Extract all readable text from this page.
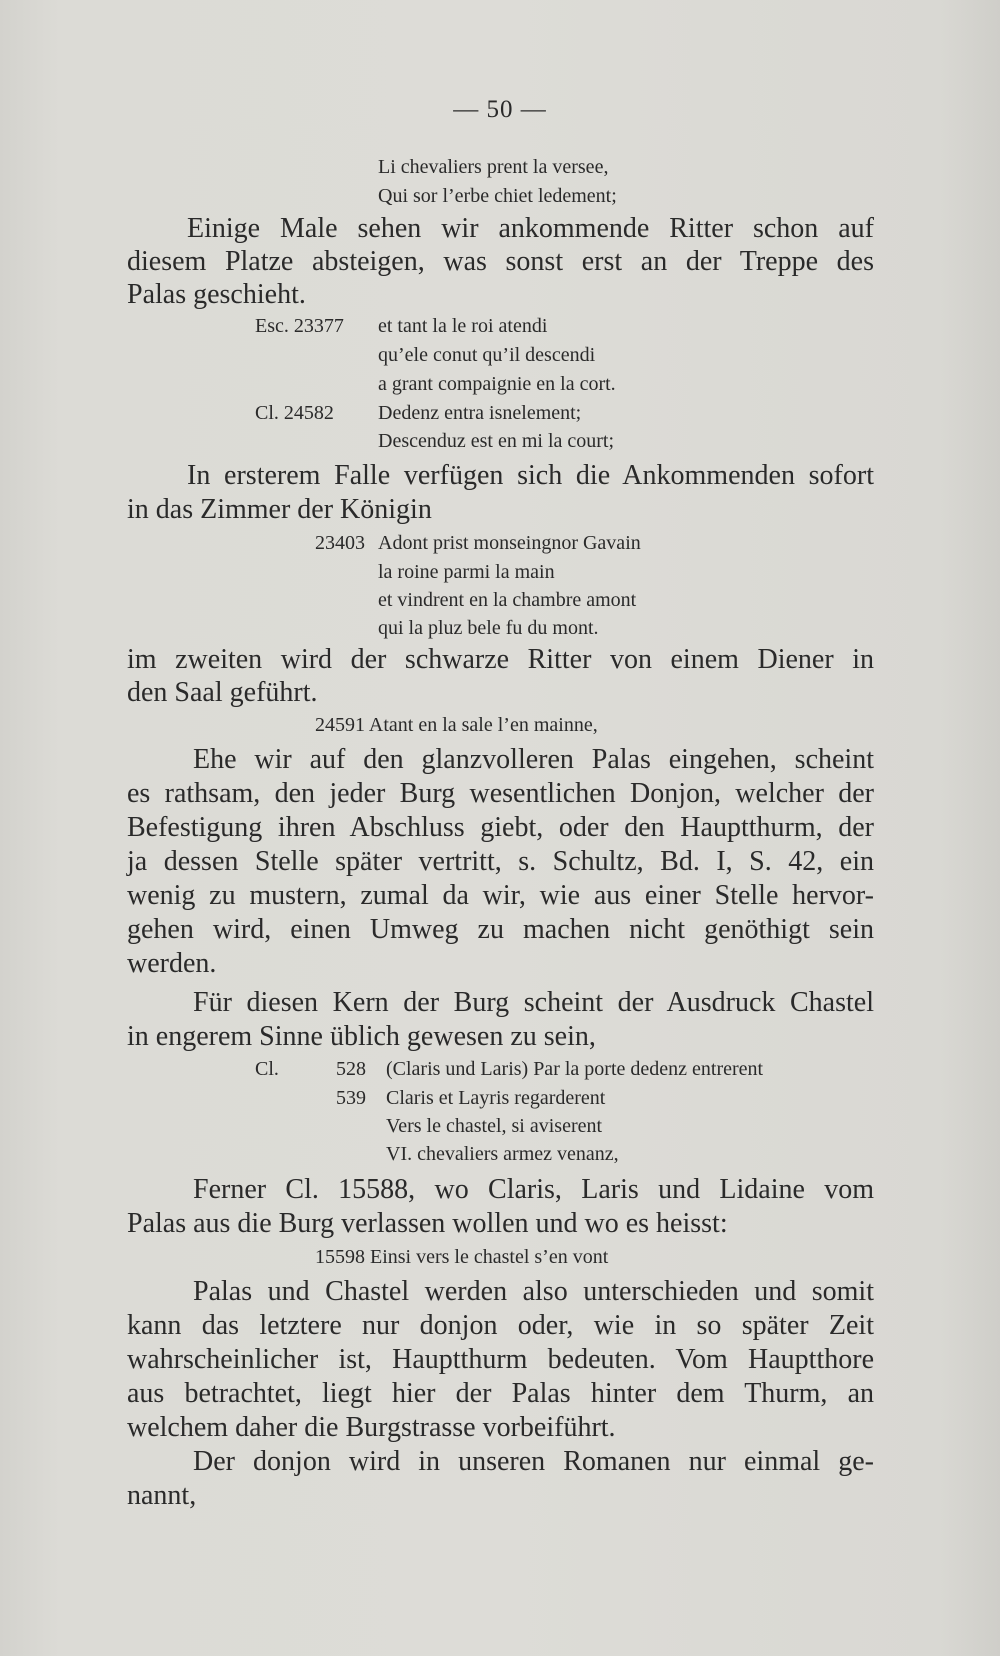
— 50 —
Li chevaliers prent la versee,
Qui sor l’erbe chiet ledement;
Einige Male sehen wir ankommende Ritter schon auf
diesem Platze absteigen, was sonst erst an der Treppe des
Palas geschieht.
Esc. 23377 et tant la le roi atendi
qu’ele conut qu’il descendi
a grant compaignie en la cort.
Cl. 24582 Dedenz entra isnelement;
Descenduz est en mi la court;
In ersterem Falle verfügen sich die Ankommenden sofort
in das Zimmer der Königin
23403 Adont prist monseingnor Gavain
la roine parmi la main
et vindrent en la chambre amont
qui la pluz bele fu du mont.
im zweiten wird der schwarze Ritter von einem Diener in
den Saal geführt.
24591 Atant en la sale l’en mainne,
Ehe wir auf den glanzvolleren Palas eingehen, scheint
es rathsam, den jeder Burg wesentlichen Donjon, welcher der
Befestigung ihren Abschluss giebt, oder den Hauptthurm, der
ja dessen Stelle später vertritt, s. Schultz, Bd. I, S. 42, ein
wenig zu mustern, zumal da wir, wie aus einer Stelle hervor-
gehen wird, einen Umweg zu machen nicht genöthigt sein
werden.
Für diesen Kern der Burg scheint der Ausdruck Chastel
in engerem Sinne üblich gewesen zu sein,
Cl.	528 (Claris und Laris) Par la porte dedenz entrerent
539 Claris et Layris regarderent
Vers le chastel, si aviserent
VI. chevaliers armez venanz,
Ferner Cl. 15588, wo Claris, Laris und Lidaine vom
Palas aus die Burg verlassen wollen und wo es heisst:
15598 Einsi vers le chastel s’en vont
Palas und Chastel werden also unterschieden und somit
kann das letztere nur donjon oder, wie in so später Zeit
wahrscheinlicher ist, Hauptthurm bedeuten. Vom Hauptthore
aus betrachtet, liegt hier der Palas hinter dem Thurm, an
welchem daher die Burgstrasse vorbeiführt.
Der donjon wird in unseren Romanen nur einmal ge-
nannt,
